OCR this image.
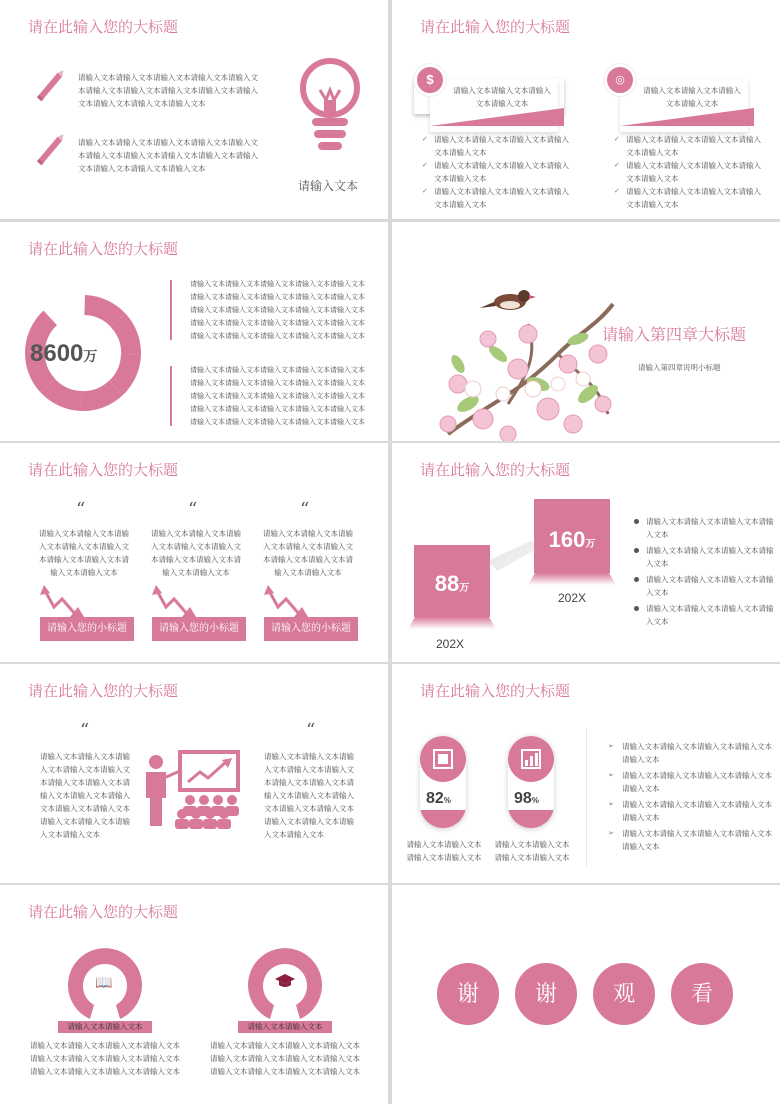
请在此输入您的大标题
请输入文本请输入文本请输入文本请输入文本请输入文本请输入文本请输入文本请输入文本请输入文本请输入文本请输入文本请输入文本请输入文本
请输入文本请输入文本请输入文本请输入文本请输入文本请输入文本请输入文本请输入文本请输入文本请输入文本请输入文本请输入文本请输入文本
请输入文本
请在此输入您的大标题
请输入文本请输入文本请输入文本请输入文本
$
请输入文本请输入文本请输入文本请输入文本
◎
✓ 请输入文本请输入文本请输入文本请输入文本请输入文本
✓ 请输入文本请输入文本请输入文本请输入文本请输入文本
✓ 请输入文本请输入文本请输入文本请输入文本请输入文本
✓ 请输入文本请输入文本请输入文本请输入文本请输入文本
✓ 请输入文本请输入文本请输入文本请输入文本请输入文本
✓ 请输入文本请输入文本请输入文本请输入文本请输入文本
请在此输入您的大标题
8600万
请输入文本请输入文本请输入文本请输入文本请输入文本请输入文本请输入文本请输入文本请输入文本请输入文本请输入文本请输入文本请输入文本请输入文本请输入文本请输入文本请输入文本请输入文本请输入文本请输入文本请输入文本请输入文本请输入文本请输入文本请输入文本
请输入文本请输入文本请输入文本请输入文本请输入文本请输入文本请输入文本请输入文本请输入文本请输入文本请输入文本请输入文本请输入文本请输入文本请输入文本请输入文本请输入文本请输入文本请输入文本请输入文本请输入文本请输入文本请输入文本请输入文本请输入文本
请输入第四章大标题
请输入第四章说明小标题
请在此输入您的大标题
“
请输入文本请输入文本请输入文本请输入文本请输入文本请输入文本请输入文本请输入文本请输入文本
请输入您的小标题
“
请输入文本请输入文本请输入文本请输入文本请输入文本请输入文本请输入文本请输入文本请输入文本
请输入您的小标题
“
请输入文本请输入文本请输入文本请输入文本请输入文本请输入文本请输入文本请输入文本请输入文本
请输入您的小标题
请在此输入您的大标题
88万
202X
160万
202X
请输入文本请输入文本请输入文本请输入文本
请输入文本请输入文本请输入文本请输入文本
请输入文本请输入文本请输入文本请输入文本
请输入文本请输入文本请输入文本请输入文本
请在此输入您的大标题
“
请输入文本请输入文本请输入文本请输入文本请输入文本请输入文本请输入文本请输入文本请输入文本请输入文本请输入文本请输入文本请输入文本请输入文本请输入文本请输入文本
“
请输入文本请输入文本请输入文本请输入文本请输入文本请输入文本请输入文本请输入文本请输入文本请输入文本请输入文本请输入文本请输入文本请输入文本请输入文本请输入文本
请在此输入您的大标题
82%	98%
请输入文本请输入文本请输入文本请输入文本
请输入文本请输入文本请输入文本请输入文本
➢ 请输入文本请输入文本请输入文本请输入文本请输入文本
➢ 请输入文本请输入文本请输入文本请输入文本请输入文本
➢ 请输入文本请输入文本请输入文本请输入文本请输入文本
➢ 请输入文本请输入文本请输入文本请输入文本请输入文本
请在此输入您的大标题
📖
请输入文本请输入文本
请输入文本请输入文本请输入文本请输入文本请输入文本请输入文本请输入文本请输入文本请输入文本请输入文本请输入文本请输入文本
请输入文本请输入文本
请输入文本请输入文本请输入文本请输入文本请输入文本请输入文本请输入文本请输入文本请输入文本请输入文本请输入文本请输入文本
谢	谢	观	看
